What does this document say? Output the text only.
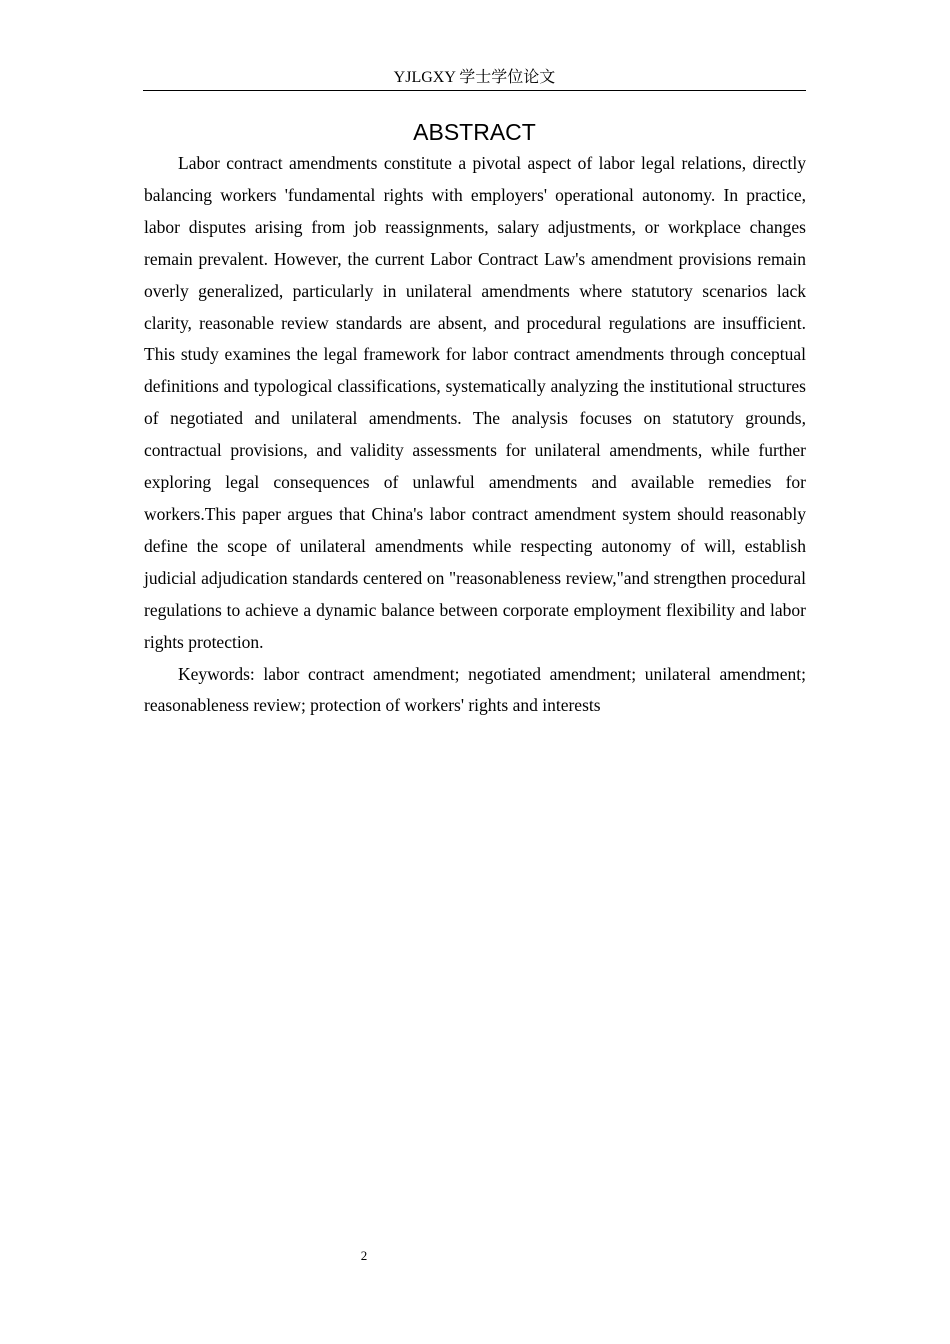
YJLGXY 学士学位论文
ABSTRACT

Labor contract amendments constitute a pivotal aspect of labor legal relations, directly balancing workers 'fundamental rights with employers' operational autonomy. In practice, labor disputes arising from job reassignments, salary adjustments, or workplace changes remain prevalent. However, the current Labor Contract Law's amendment provisions remain overly generalized, particularly in unilateral amendments where statutory scenarios lack clarity, reasonable review standards are absent, and procedural regulations are insufficient. This study examines the legal framework for labor contract amendments through conceptual definitions and typological classifications, systematically analyzing the institutional structures of negotiated and unilateral amendments. The analysis focuses on statutory grounds, contractual provisions, and validity assessments for unilateral amendments, while further exploring legal consequences of unlawful amendments and available remedies for workers.This paper argues that China's labor contract amendment system should reasonably define the scope of unilateral amendments while respecting autonomy of will, establish judicial adjudication standards centered on "reasonableness review,"and strengthen procedural regulations to achieve a dynamic balance between corporate employment flexibility and labor rights protection.

Keywords: labor contract amendment; negotiated amendment; unilateral amendment; reasonableness review; protection of workers' rights and interests

2
